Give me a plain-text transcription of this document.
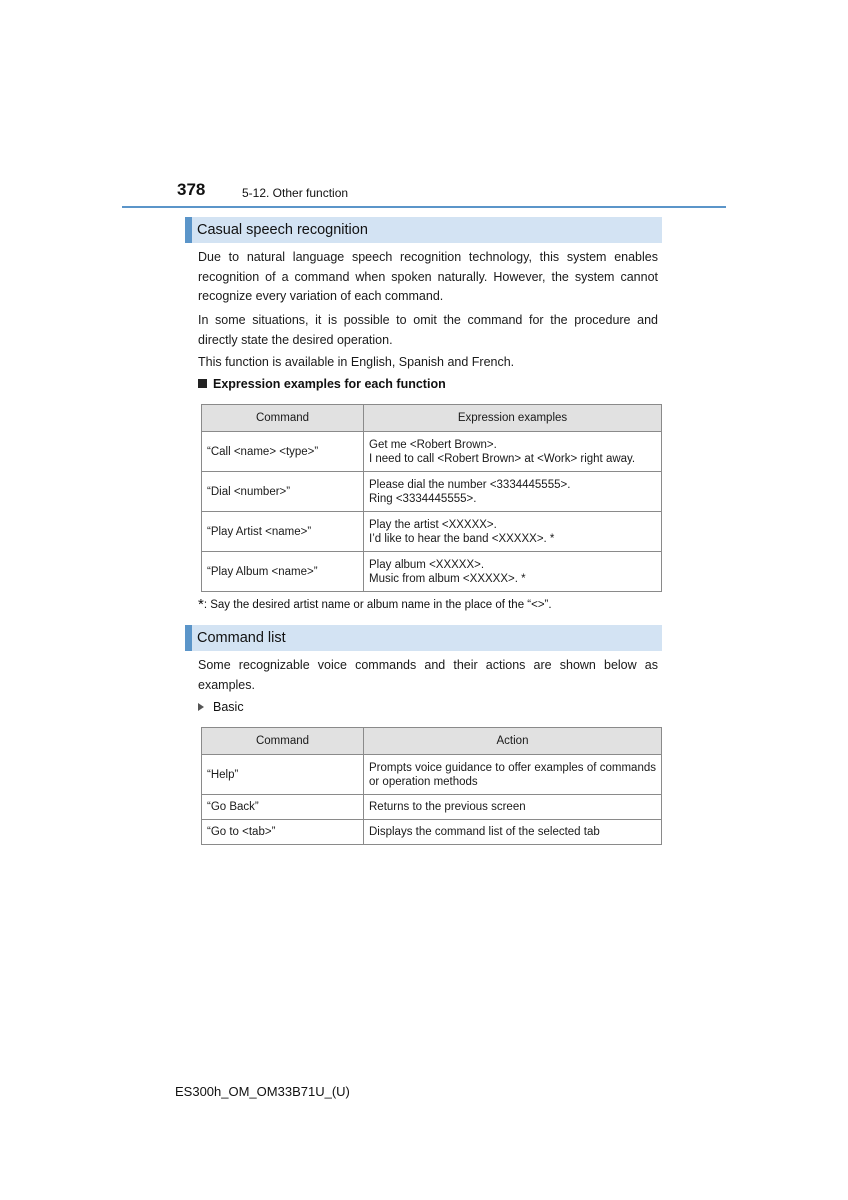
378	5-12. Other function
Casual speech recognition
Due to natural language speech recognition technology, this system enables recognition of a command when spoken naturally. However, the system cannot recognize every variation of each command.
In some situations, it is possible to omit the command for the procedure and directly state the desired operation.
This function is available in English, Spanish and French.
Expression examples for each function
Command	Expression examples
“Call <name> <type>”	Get me <Robert Brown>.
I need to call <Robert Brown> at <Work> right away.

“Dial <number>”	Please dial the number <3334445555>.
Ring <3334445555>.

“Play Artist <name>”	Play the artist <XXXXX>.
I’d like to hear the band <XXXXX>. *

“Play Album <name>”	Play album <XXXXX>.
Music from album <XXXXX>. *
*: Say the desired artist name or album name in the place of the “<>”.
Command list
Some recognizable voice commands and their actions are shown below as examples.
Basic
Command	Action
“Help”	Prompts voice guidance to offer examples of commands or operation methods
“Go Back”	Returns to the previous screen
“Go to <tab>”	Displays the command list of the selected tab
ES300h_OM_OM33B71U_(U)
